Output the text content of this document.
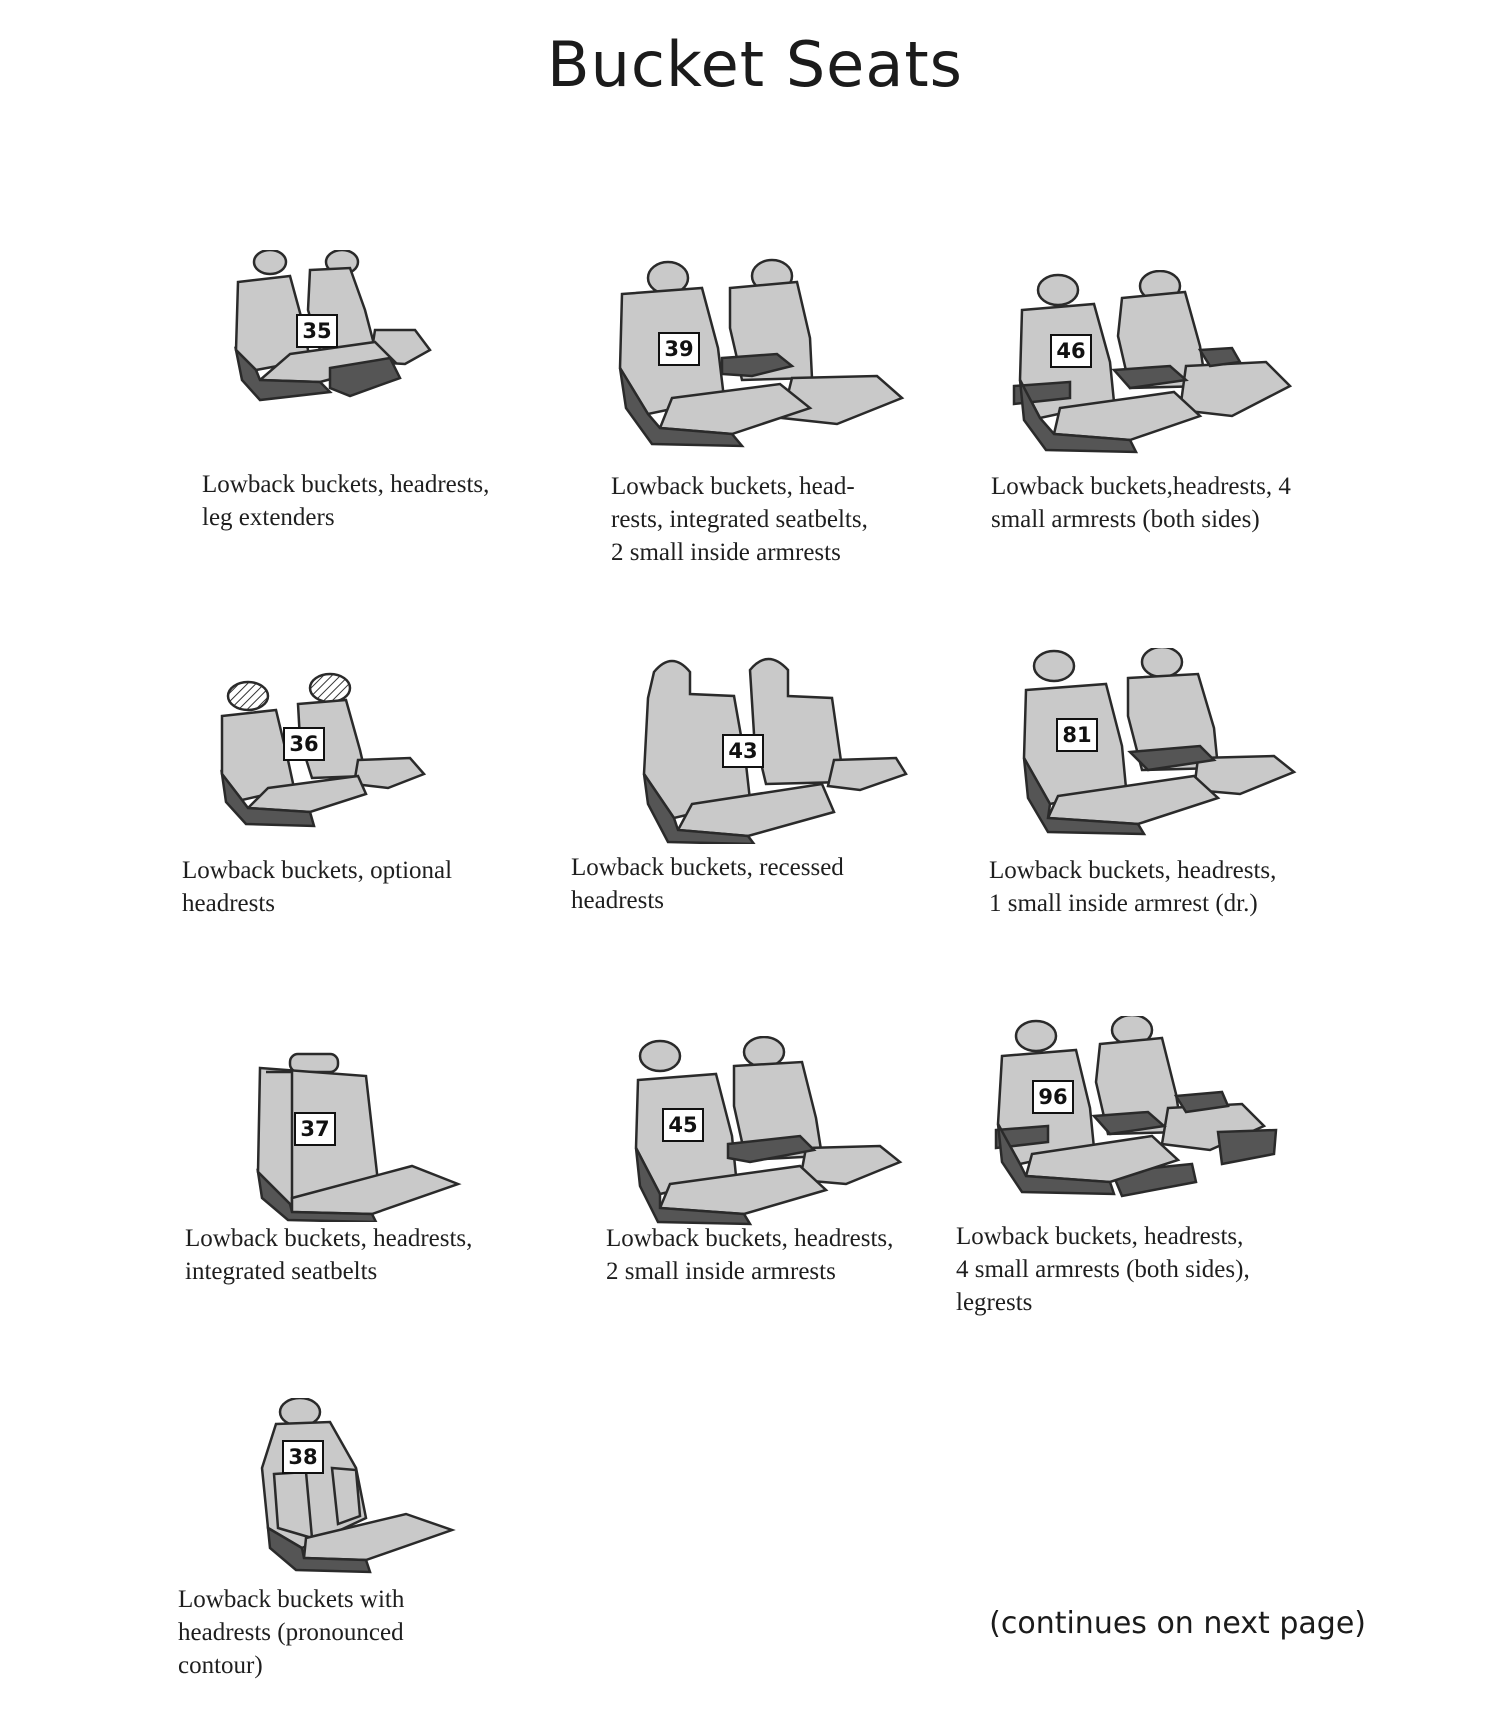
Bucket Seats
35
Lowback buckets, headrests,
leg extenders
39
Lowback buckets, head-
rests, integrated seatbelts,
2 small inside armrests
46
Lowback buckets,headrests, 4
small armrests (both sides)
36
Lowback buckets, optional
headrests
43
Lowback buckets, recessed
headrests
81
Lowback buckets, headrests,
1 small inside armrest (dr.)
37
Lowback buckets, headrests,
integrated seatbelts
45
Lowback buckets, headrests,
2 small inside armrests
96
Lowback buckets, headrests,
4 small armrests (both sides),
legrests
38
Lowback buckets with
headrests (pronounced
contour)
(continues on next page)
